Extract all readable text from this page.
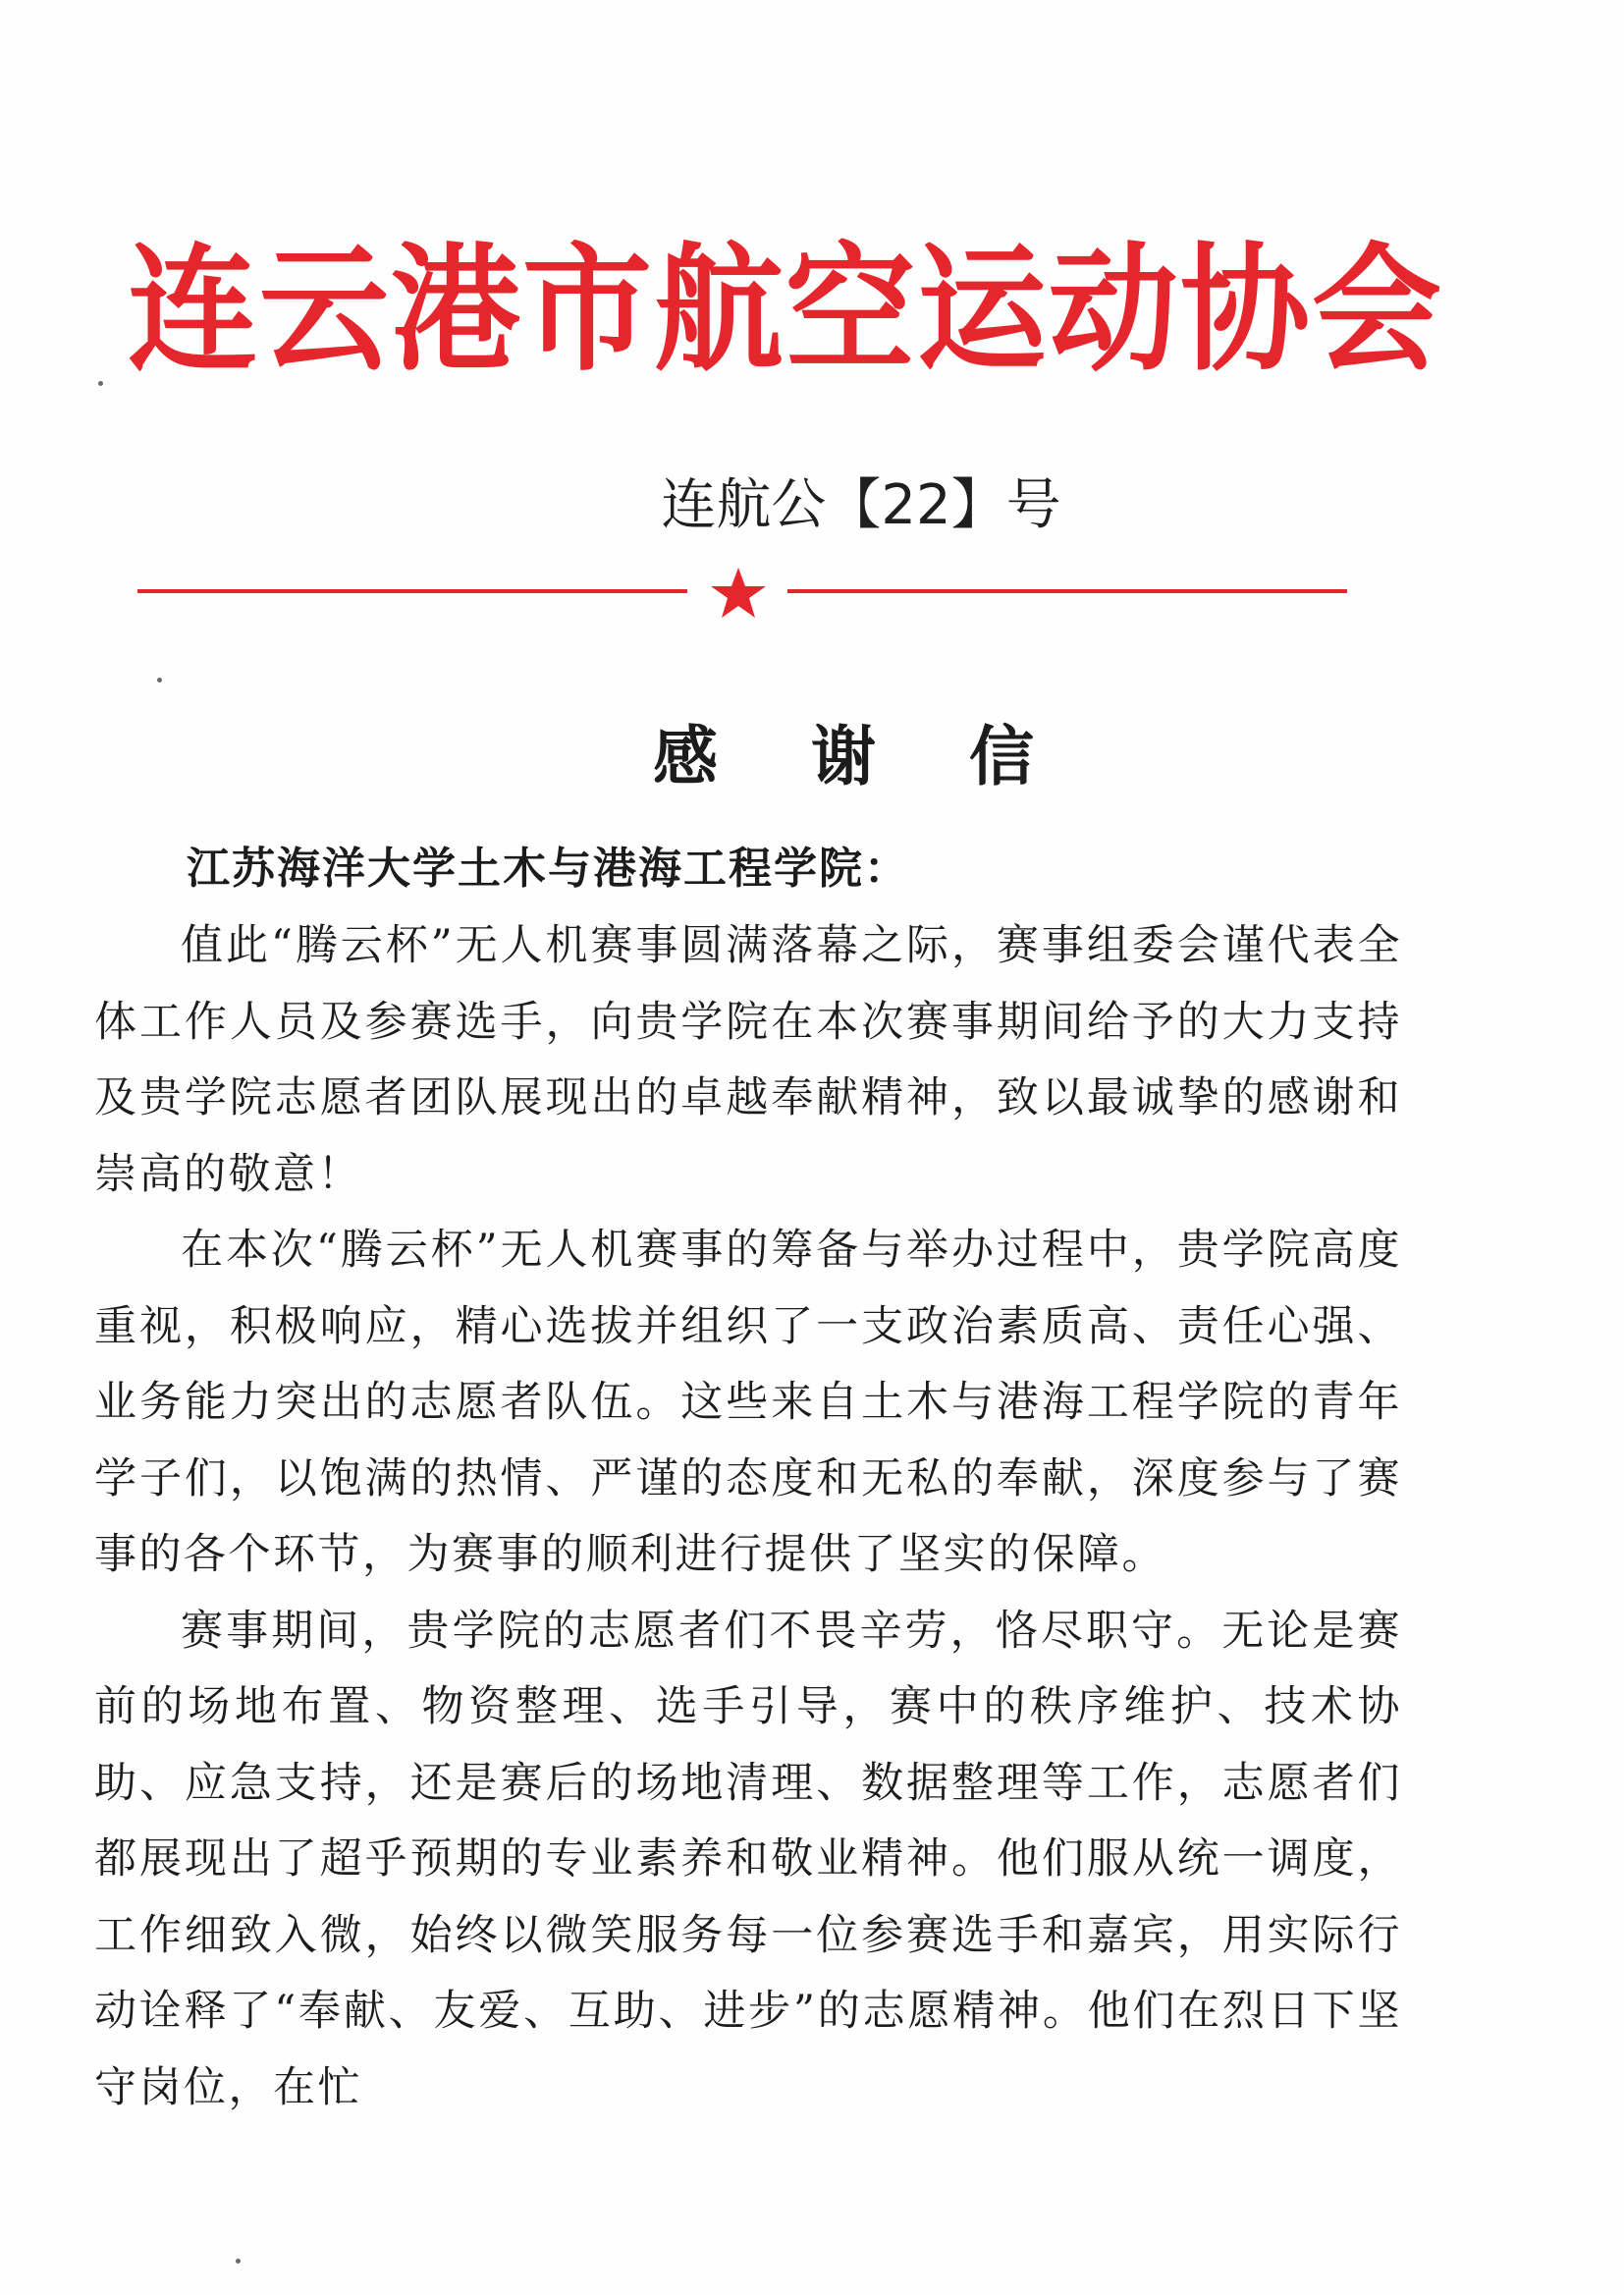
连云港市航空运动协会
连航公【22】号
感 谢 信
江苏海洋大学土木与港海工程学院：

值此“腾云杯”无人机赛事圆满落幕之际，赛事组委会谨代表全体工作人员及参赛选手，向贵学院在本次赛事期间给予的大力支持及贵学院志愿者团队展现出的卓越奉献精神，致以最诚挚的感谢和崇高的敬意！

在本次“腾云杯”无人机赛事的筹备与举办过程中，贵学院高度重视，积极响应，精心选拔并组织了一支政治素质高、责任心强、业务能力突出的志愿者队伍。这些来自土木与港海工程学院的青年学子们，以饱满的热情、严谨的态度和无私的奉献，深度参与了赛事的各个环节，为赛事的顺利进行提供了坚实的保障。

赛事期间，贵学院的志愿者们不畏辛劳，恪尽职守。无论是赛前的场地布置、物资整理、选手引导，赛中的秩序维护、技术协助、应急支持，还是赛后的场地清理、数据整理等工作，志愿者们都展现出了超乎预期的专业素养和敬业精神。他们服从统一调度，工作细致入微，始终以微笑服务每一位参赛选手和嘉宾，用实际行动诠释了“奉献、友爱、互助、进步”的志愿精神。他们在烈日下坚守岗位，在忙
